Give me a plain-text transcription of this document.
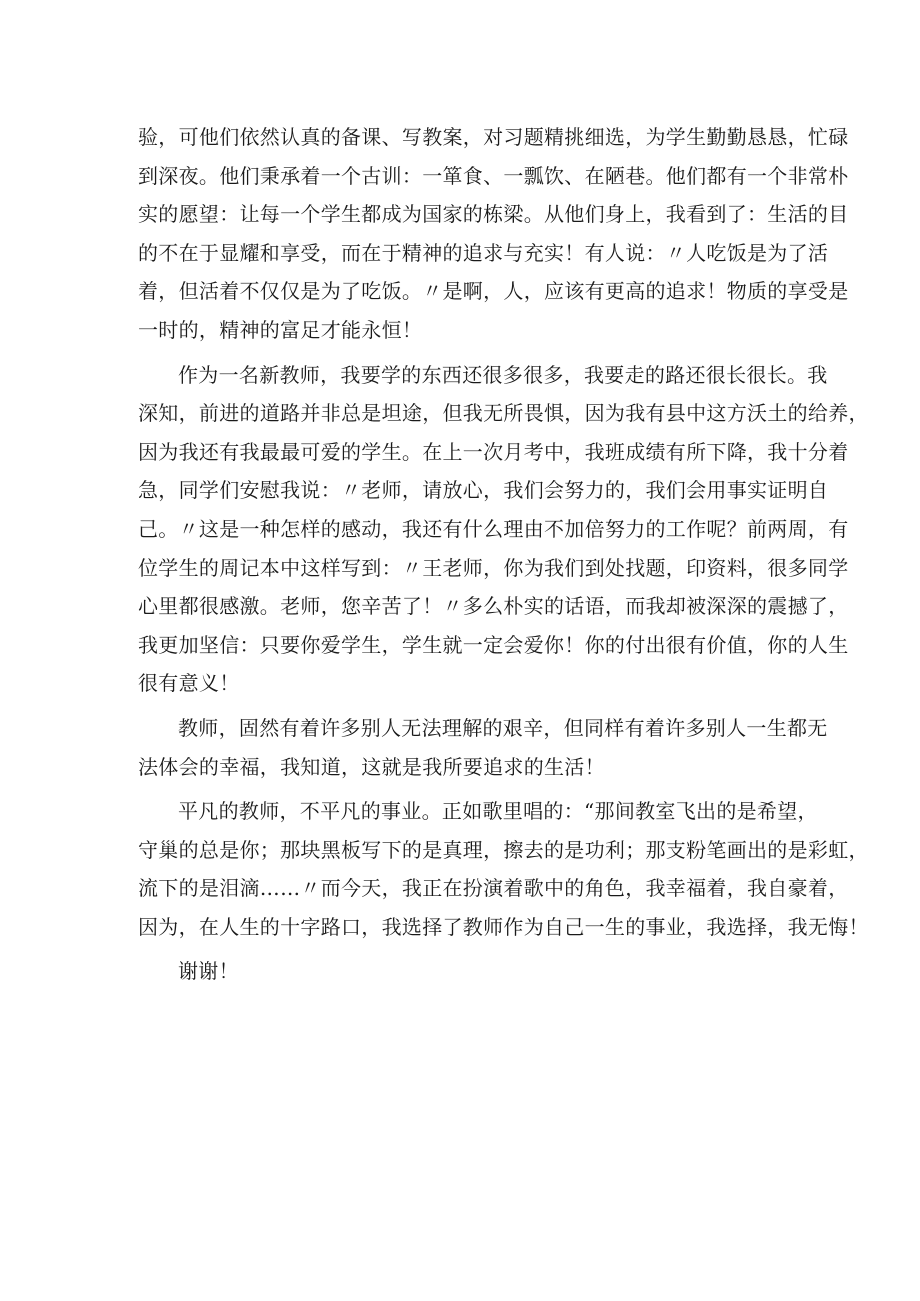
验，可他们依然认真的备课、写教案，对习题精挑细选，为学生勤勤恳恳，忙碌
到深夜。他们秉承着一个古训：一箪食、一瓢饮、在陋巷。他们都有一个非常朴
实的愿望：让每一个学生都成为国家的栋梁。从他们身上，我看到了：生活的目
的不在于显耀和享受，而在于精神的追求与充实！有人说：〃人吃饭是为了活
着，但活着不仅仅是为了吃饭。〃是啊，人，应该有更高的追求！物质的享受是
一时的，精神的富足才能永恒！
作为一名新教师，我要学的东西还很多很多，我要走的路还很长很长。我
深知，前进的道路并非总是坦途，但我无所畏惧，因为我有县中这方沃土的给养，
因为我还有我最最可爱的学生。在上一次月考中，我班成绩有所下降，我十分着
急，同学们安慰我说：〃老师，请放心，我们会努力的，我们会用事实证明自
己。〃这是一种怎样的感动，我还有什么理由不加倍努力的工作呢？前两周，有
位学生的周记本中这样写到：〃王老师，你为我们到处找题，印资料，很多同学
心里都很感激。老师，您辛苦了！〃多么朴实的话语，而我却被深深的震撼了，
我更加坚信：只要你爱学生，学生就一定会爱你！你的付出很有价值，你的人生
很有意义！
教师，固然有着许多别人无法理解的艰辛，但同样有着许多别人一生都无
法体会的幸福，我知道，这就是我所要追求的生活！
平凡的教师，不平凡的事业。正如歌里唱的：“那间教室飞出的是希望，
守巢的总是你；那块黑板写下的是真理，擦去的是功利；那支粉笔画出的是彩虹，
流下的是泪滴……〃而今天，我正在扮演着歌中的角色，我幸福着，我自豪着，
因为，在人生的十字路口，我选择了教师作为自己一生的事业，我选择，我无悔！
谢谢！
